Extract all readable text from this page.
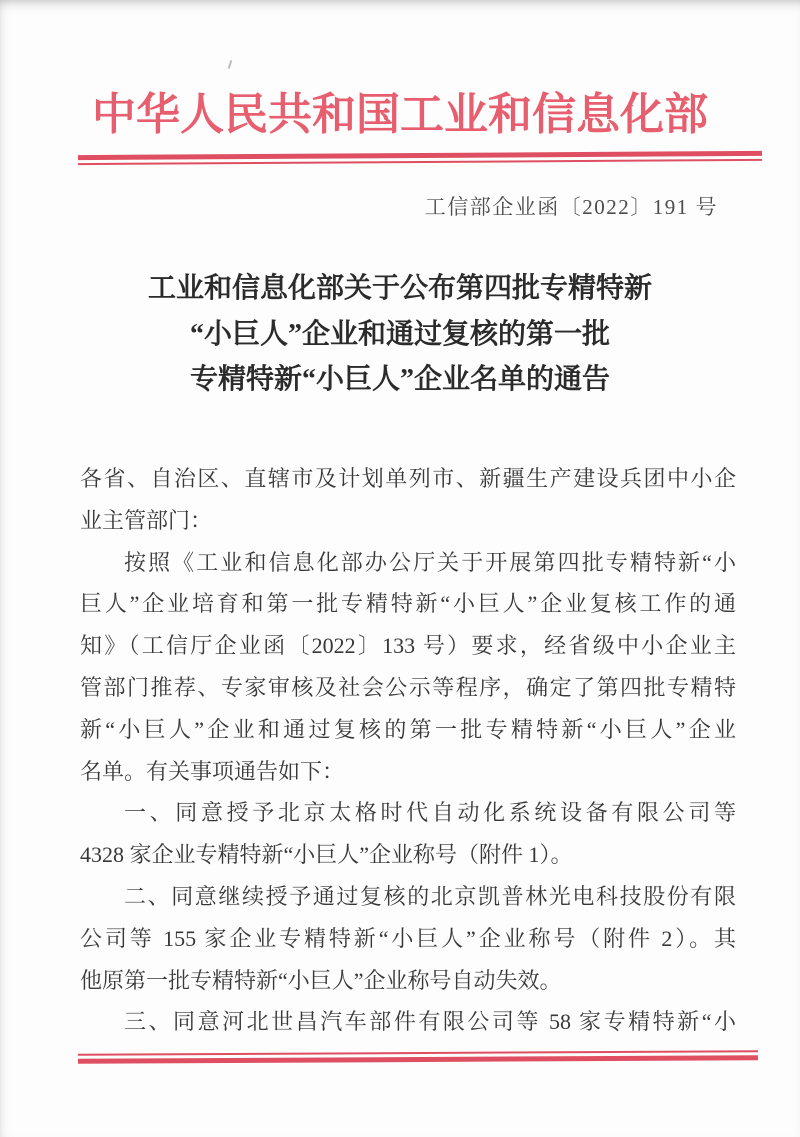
中华人民共和国工业和信息化部
工信部企业函〔2022〕191 号
工业和信息化部关于公布第四批专精特新
“小巨人”企业和通过复核的第一批
专精特新“小巨人”企业名单的通告
各省、自治区、直辖市及计划单列市、新疆生产建设兵团中小企
业主管部门：
按照《工业和信息化部办公厅关于开展第四批专精特新“小
巨人”企业培育和第一批专精特新“小巨人”企业复核工作的通
知》（工信厅企业函〔2022〕133 号）要求，经省级中小企业主
管部门推荐、专家审核及社会公示等程序，确定了第四批专精特
新“小巨人”企业和通过复核的第一批专精特新“小巨人”企业
名单。有关事项通告如下：
一、同意授予北京太格时代自动化系统设备有限公司等
4328 家企业专精特新“小巨人”企业称号（附件 1）。
二、同意继续授予通过复核的北京凯普林光电科技股份有限
公司等 155 家企业专精特新“小巨人”企业称号（附件 2）。其
他原第一批专精特新“小巨人”企业称号自动失效。
三、同意河北世昌汽车部件有限公司等 58 家专精特新“小
